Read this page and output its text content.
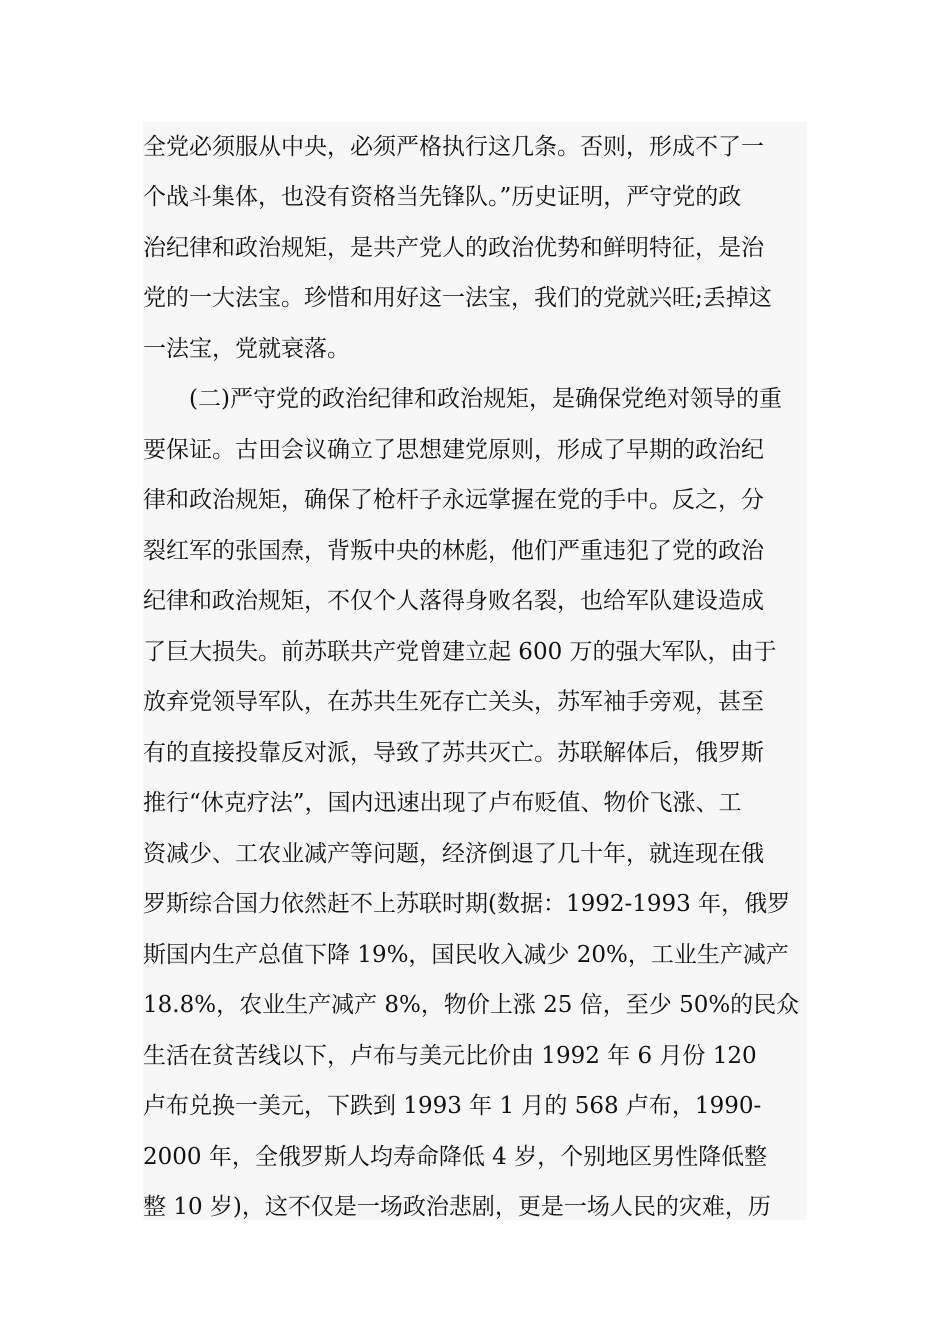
全党必须服从中央，必须严格执行这几条。否则，形成不了一
个战斗集体，也没有资格当先锋队。”历史证明，严守党的政
治纪律和政治规矩，是共产党人的政治优势和鲜明特征，是治
党的一大法宝。珍惜和用好这一法宝，我们的党就兴旺;丢掉这
一法宝，党就衰落。
　　(二)严守党的政治纪律和政治规矩，是确保党绝对领导的重
要保证。古田会议确立了思想建党原则，形成了早期的政治纪
律和政治规矩，确保了枪杆子永远掌握在党的手中。反之，分
裂红军的张国焘，背叛中央的林彪，他们严重违犯了党的政治
纪律和政治规矩，不仅个人落得身败名裂，也给军队建设造成
了巨大损失。前苏联共产党曾建立起 600 万的强大军队，由于
放弃党领导军队，在苏共生死存亡关头，苏军袖手旁观，甚至
有的直接投靠反对派，导致了苏共灭亡。苏联解体后，俄罗斯
推行“休克疗法”，国内迅速出现了卢布贬值、物价飞涨、工
资减少、工农业减产等问题，经济倒退了几十年，就连现在俄
罗斯综合国力依然赶不上苏联时期(数据：1992-1993 年，俄罗
斯国内生产总值下降 19%，国民收入减少 20%，工业生产减产
18.8%，农业生产减产 8%，物价上涨 25 倍，至少 50%的民众
生活在贫苦线以下，卢布与美元比价由 1992 年 6 月份 120
卢布兑换一美元，下跌到 1993 年 1 月的 568 卢布，1990-
2000 年，全俄罗斯人均寿命降低 4 岁，个别地区男性降低整
整 10 岁)，这不仅是一场政治悲剧，更是一场人民的灾难，历
